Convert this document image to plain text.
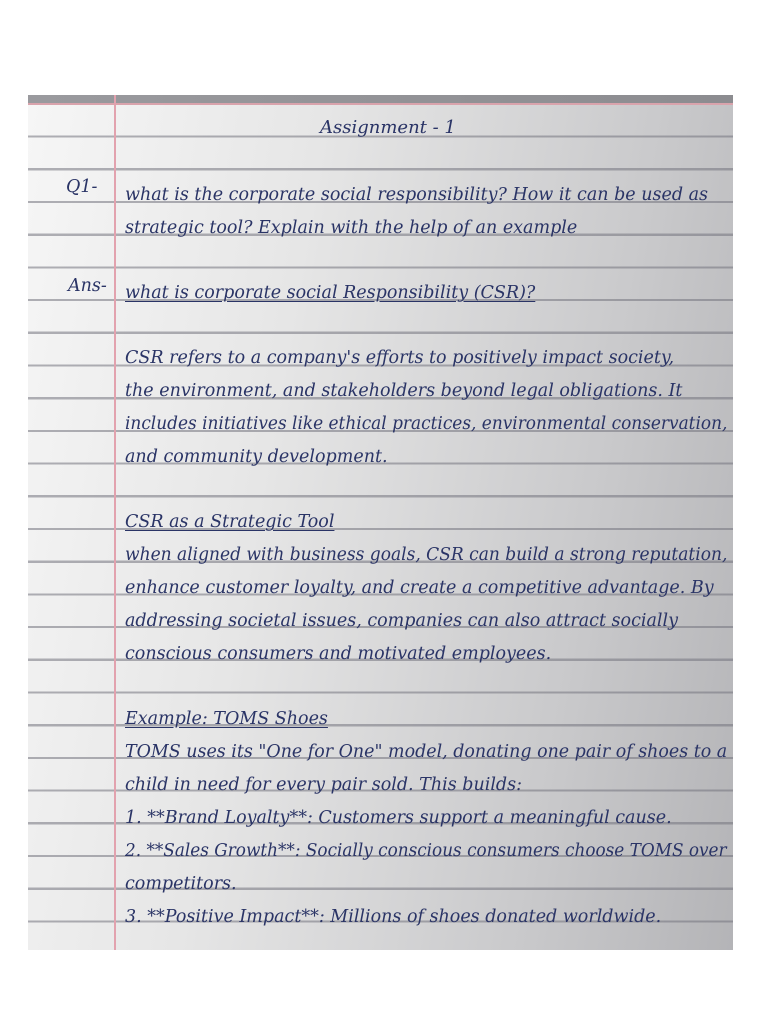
Assignment - 1
Q1- what is the corporate social responsibility? How it can be used as
strategic tool? Explain with the help of an example
Ans- what is corporate social Responsibility (CSR)?
CSR refers to a company's efforts to positively impact society,
the environment, and stakeholders beyond legal obligations. It
includes initiatives like ethical practices, environmental conservation,
and community development.
CSR as a Strategic Tool
when aligned with business goals, CSR can build a strong reputation,
enhance customer loyalty, and create a competitive advantage. By
addressing societal issues, companies can also attract socially
conscious consumers and motivated employees.
Example: TOMS Shoes
TOMS uses its "One for One" model, donating one pair of shoes to a
child in need for every pair sold. This builds:
1. **Brand Loyalty**: Customers support a meaningful cause.
2. **Sales Growth**: Socially conscious consumers choose TOMS over
competitors.
3. **Positive Impact**: Millions of shoes donated worldwide.
